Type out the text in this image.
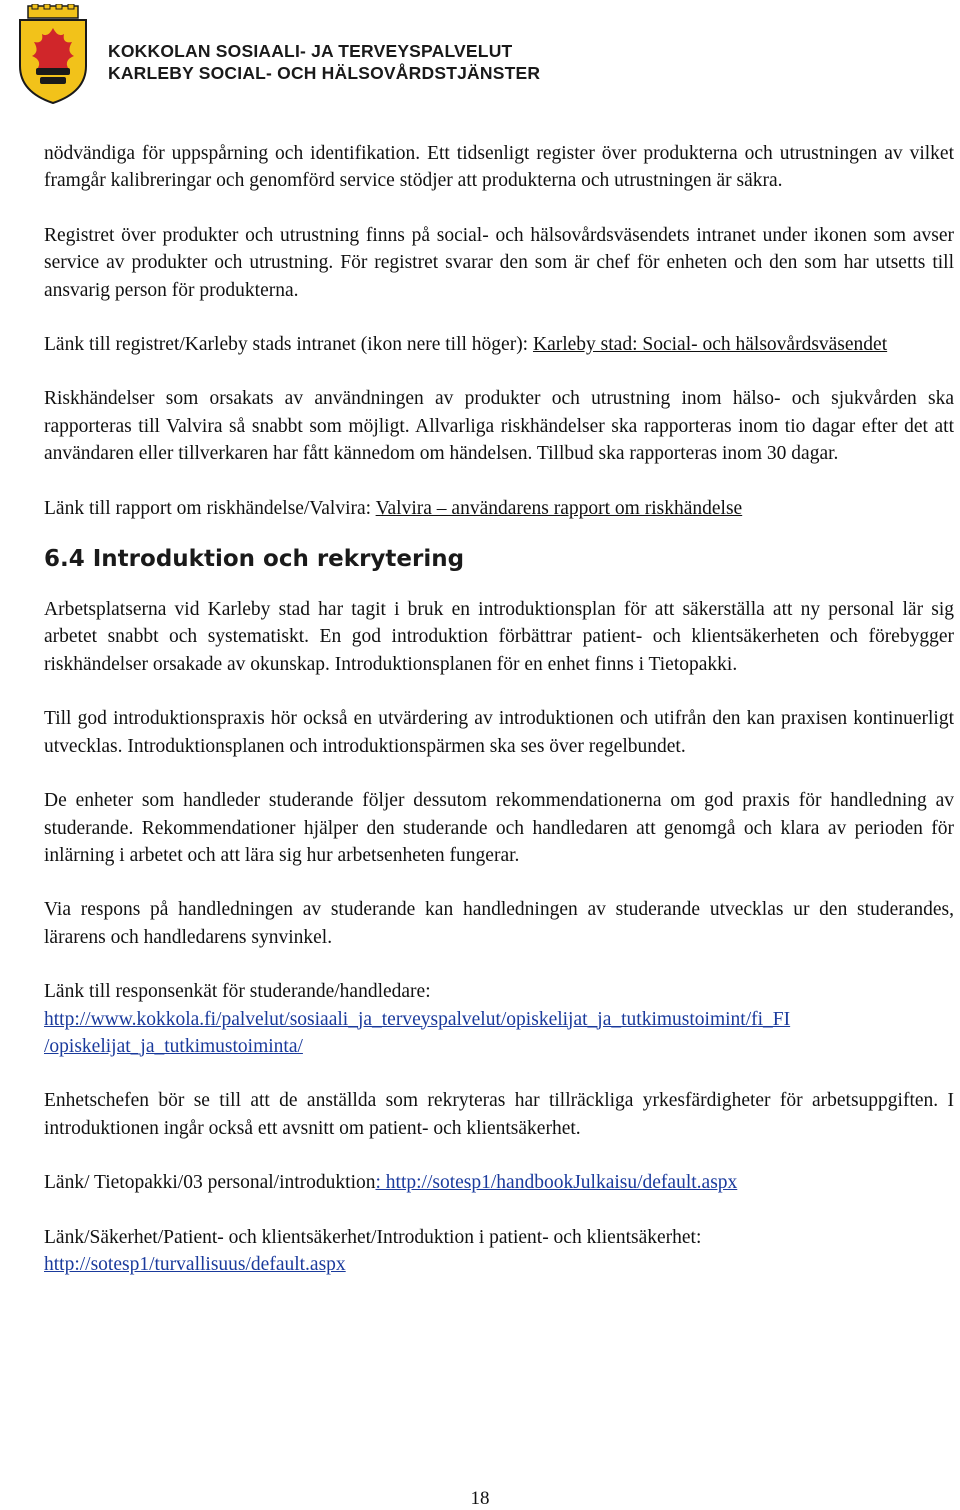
KOKKOLAN SOSIAALI- JA TERVEYSPALVELUT
KARLEBY SOCIAL- OCH HÄLSOVÅRDSTJÄNSTER

nödvändiga för uppspårning och identifikation. Ett tidsenligt register över produkterna och utrustningen av vilket framgår kalibreringar och genomförd service stödjer att produkterna och utrustningen är säkra.

Registret över produkter och utrustning finns på social- och hälsovårdsväsendets intranet under ikonen som avser service av produkter och utrustning. För registret svarar den som är chef för enheten och den som har utsetts till ansvarig person för produkterna.

Länk till registret/Karleby stads intranet (ikon nere till höger): Karleby stad: Social- och hälsovårdsväsendet

Riskhändelser som orsakats av användningen av produkter och utrustning inom hälso- och sjukvården ska rapporteras till Valvira så snabbt som möjligt. Allvarliga riskhändelser ska rapporteras inom tio dagar efter det att användaren eller tillverkaren har fått kännedom om händelsen. Tillbud ska rapporteras inom 30 dagar.

Länk till rapport om riskhändelse/Valvira: Valvira – användarens rapport om riskhändelse

6.4 Introduktion och rekrytering

Arbetsplatserna vid Karleby stad har tagit i bruk en introduktionsplan för att säkerställa att ny personal lär sig arbetet snabbt och systematiskt. En god introduktion förbättrar patient- och klientsäkerheten och förebygger riskhändelser orsakade av okunskap. Introduktionsplanen för en enhet finns i Tietopakki.

Till god introduktionspraxis hör också en utvärdering av introduktionen och utifrån den kan praxisen kontinuerligt utvecklas. Introduktionsplanen och introduktionspärmen ska ses över regelbundet.

De enheter som handleder studerande följer dessutom rekommendationerna om god praxis för handledning av studerande. Rekommendationer hjälper den studerande och handledaren att genomgå och klara av perioden för inlärning i arbetet och att lära sig hur arbetsenheten fungerar.

Via respons på handledningen av studerande kan handledningen av studerande utvecklas ur den studerandes, lärarens och handledarens synvinkel.

Länk till responsenkät för studerande/handledare:
http://www.kokkola.fi/palvelut/sosiaali_ja_terveyspalvelut/opiskelijat_ja_tutkimustoimint/fi_FI
/opiskelijat_ja_tutkimustoiminta/

Enhetschefen bör se till att de anställda som rekryteras har tillräckliga yrkesfärdigheter för arbetsuppgiften. I introduktionen ingår också ett avsnitt om patient- och klientsäkerhet.

Länk/ Tietopakki/03 personal/introduktion: http://sotesp1/handbookJulkaisu/default.aspx

Länk/Säkerhet/Patient- och klientsäkerhet/Introduktion i patient- och klientsäkerhet:
http://sotesp1/turvallisuus/default.aspx

18
